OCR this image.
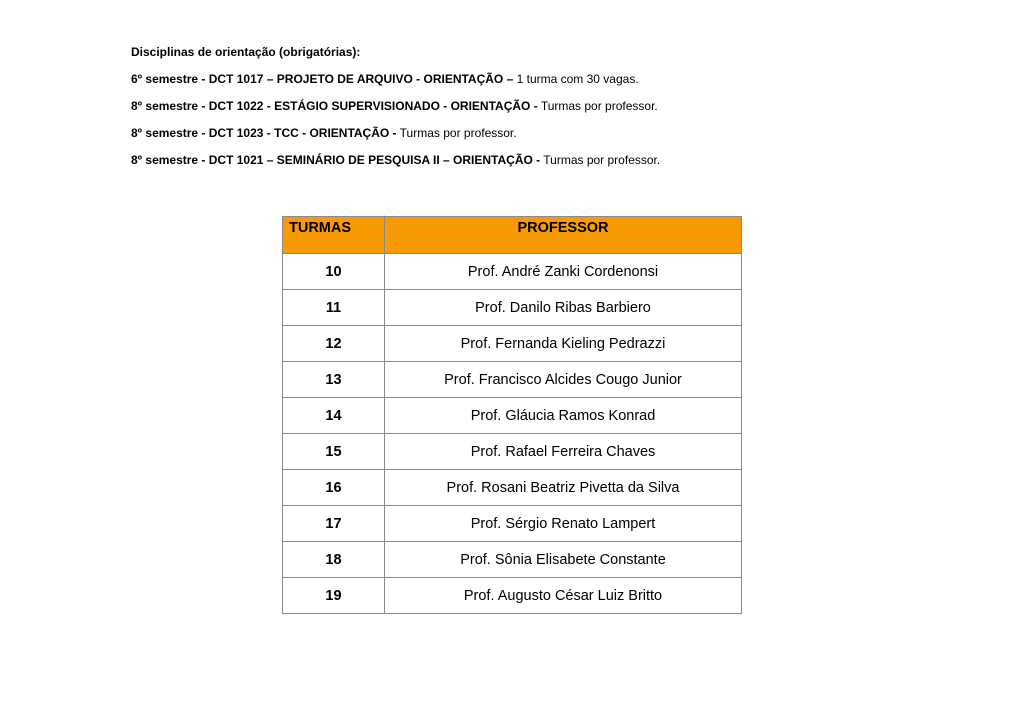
Disciplinas de orientação (obrigatórias):
6º semestre - DCT 1017 – PROJETO DE ARQUIVO - ORIENTAÇÃO – 1 turma com 30 vagas.
8º semestre - DCT 1022 - ESTÁGIO SUPERVISIONADO - ORIENTAÇÃO - Turmas por professor.
8º semestre - DCT 1023 - TCC - ORIENTAÇÃO - Turmas por professor.
8º semestre - DCT 1021 – SEMINÁRIO DE PESQUISA II – ORIENTAÇÃO - Turmas por professor.
TURMAS	PROFESSOR
10	Prof. André Zanki Cordenonsi
11	Prof. Danilo Ribas Barbiero
12	Prof. Fernanda Kieling Pedrazzi
13	Prof. Francisco Alcides Cougo Junior
14	Prof. Gláucia Ramos Konrad
15	Prof. Rafael Ferreira Chaves
16	Prof. Rosani Beatriz Pivetta da Silva
17	Prof. Sérgio Renato Lampert
18	Prof. Sônia Elisabete Constante
19	Prof. Augusto César Luiz Britto
